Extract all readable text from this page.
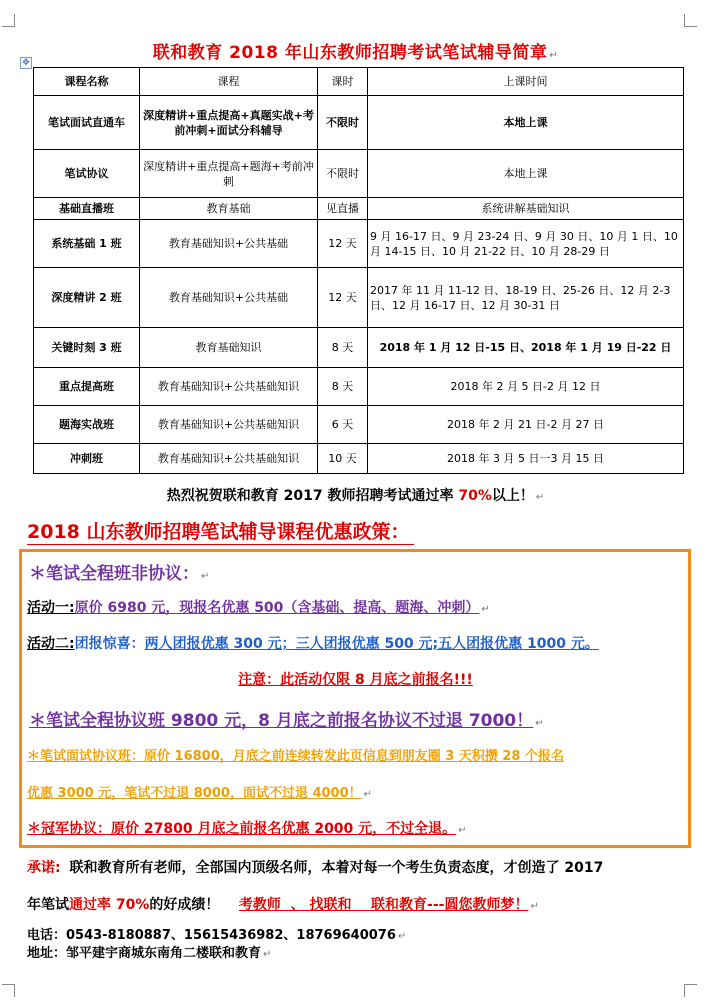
✥	联和教育 2018 年山东教师招聘考试笔试辅导简章 ↵
课程名称	课程	课时	上课时间
笔试面试直通车	深度精讲+重点提高+真题实战+考前冲刺+面试分科辅导	不限时	本地上课
笔试协议	深度精讲+重点提高+题海+考前冲刺	不限时	本地上课
基础直播班	教育基础	见直播	系统讲解基础知识
系统基础 1 班	教育基础知识+公共基础	12 天	9 月 16-17 日、9 月 23-24 日、9 月 30 日、10 月 1 日、10 月 14-15 日、10 月 21-22 日、10 月 28-29 日
深度精讲 2 班	教育基础知识+公共基础	12 天	2017 年 11 月 11-12 日、18-19 日、25-26 日、12 月 2-3 日、12 月 16-17 日、12 月 30-31 日
关键时刻 3 班	教育基础知识	8 天	2018 年 1 月 12 日-15 日、2018 年 1 月 19 日-22 日
重点提高班	教育基础知识+公共基础知识	8 天	2018 年 2 月 5 日-2 月 12 日
题海实战班	教育基础知识+公共基础知识	6 天	2018 年 2 月 21 日-2 月 27 日
冲刺班	教育基础知识+公共基础知识	10 天	2018 年 3 月 5 日一3 月 15 日
热烈祝贺联和教育 2017 教师招聘考试通过率 70%以上！ ↵
2018 山东教师招聘笔试辅导课程优惠政策：
＊笔试全程班非协议： ↵
活动一:原价 6980 元，现报名优惠 500（含基础、提高、题海、冲刺） ↵
活动二:团报惊喜：两人团报优惠 300 元；三人团报优惠 500 元;五人团报优惠 1000 元。
注意：此活动仅限 8 月底之前报名!!!
＊笔试全程协议班 9800 元，8 月底之前报名协议不过退 7000！ ↵
＊笔试面试协议班：原价 16800，月底之前连续转发此页信息到朋友圈 3 天积攒 28 个报名
优惠 3000 元，笔试不过退 8000，面试不过退 4000！ ↵
＊冠军协议：原价 27800 月底之前报名优惠 2000 元，不过全退。 ↵
承诺: 联和教育所有老师，全部国内顶级名师，本着对每一个考生负责态度，才创造了 2017
年笔试通过率 70%的好成绩！ 考教师  、 找联和    联和教育---圆您教师梦！ ↵
电话：0543-8180887、15615436982、18769640076 ↵
地址：邹平建宇商城东南角二楼联和教育 ↵
